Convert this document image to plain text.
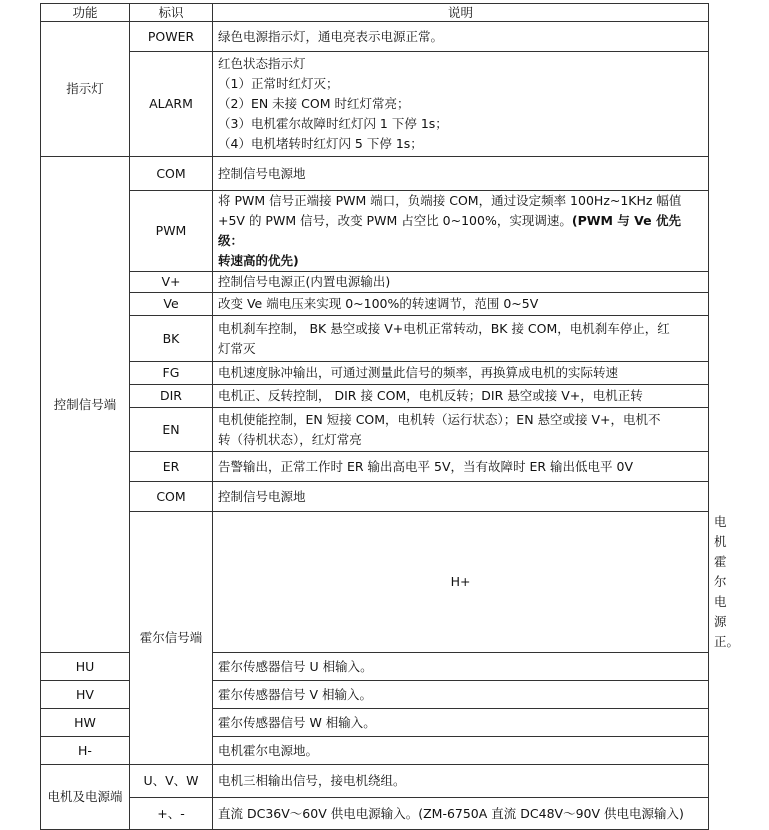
功能	标识	说明	
指示灯	POWER	绿色电源指示灯，通电亮表示电源正常。	
	ALARM	红色状态指示灯
（1）正常时红灯灭；
（2）EN 未接 COM 时红灯常亮；
（3）电机霍尔故障时红灯闪 1 下停 1s；
（4）电机堵转时红灯闪 5 下停 1s；	

控制信号端	COM	控制信号电源地	
	PWM	将 PWM 信号正端接 PWM 端口，负端接 COM，通过设定频率 100Hz~1KHz 幅值
+5V 的 PWM 信号，改变 PWM 占空比 0~100%，实现调速。(PWM 与 Ve 优先级：
转速高的优先)	

	V+	控制信号电源正(内置电源输出)	
	Ve	改变 Ve 端电压来实现 0~100%的转速调节，范围 0~5V	
	BK	电机刹车控制， BK 悬空或接 V+电机正常转动，BK 接 COM，电机刹车停止，红
灯常灭	

	FG	电机速度脉冲输出，可通过测量此信号的频率，再换算成电机的实际转速	
	DIR	电机正、反转控制， DIR 接 COM，电机反转；DIR 悬空或接 V+，电机正转	
	EN	电机使能控制，EN 短接 COM，电机转（运行状态）；EN 悬空或接 V+，电机不
转（待机状态），红灯常亮	

	ER	告警输出，正常工作时 ER 输出高电平 5V，当有故障时 ER 输出低电平 0V	
	COM	控制信号电源地	
	霍尔信号端	H+	电机霍尔电源正。
HU		霍尔传感器信号 U 相输入。	
HV		霍尔传感器信号 V 相输入。	
HW		霍尔传感器信号 W 相输入。	
H-		电机霍尔电源地。	
电机及电源端	U、V、W	电机三相输出信号，接电机绕组。	
	+、-	直流 DC36V～60V 供电电源输入。(ZM-6750A 直流 DC48V～90V 供电电源输入)	
